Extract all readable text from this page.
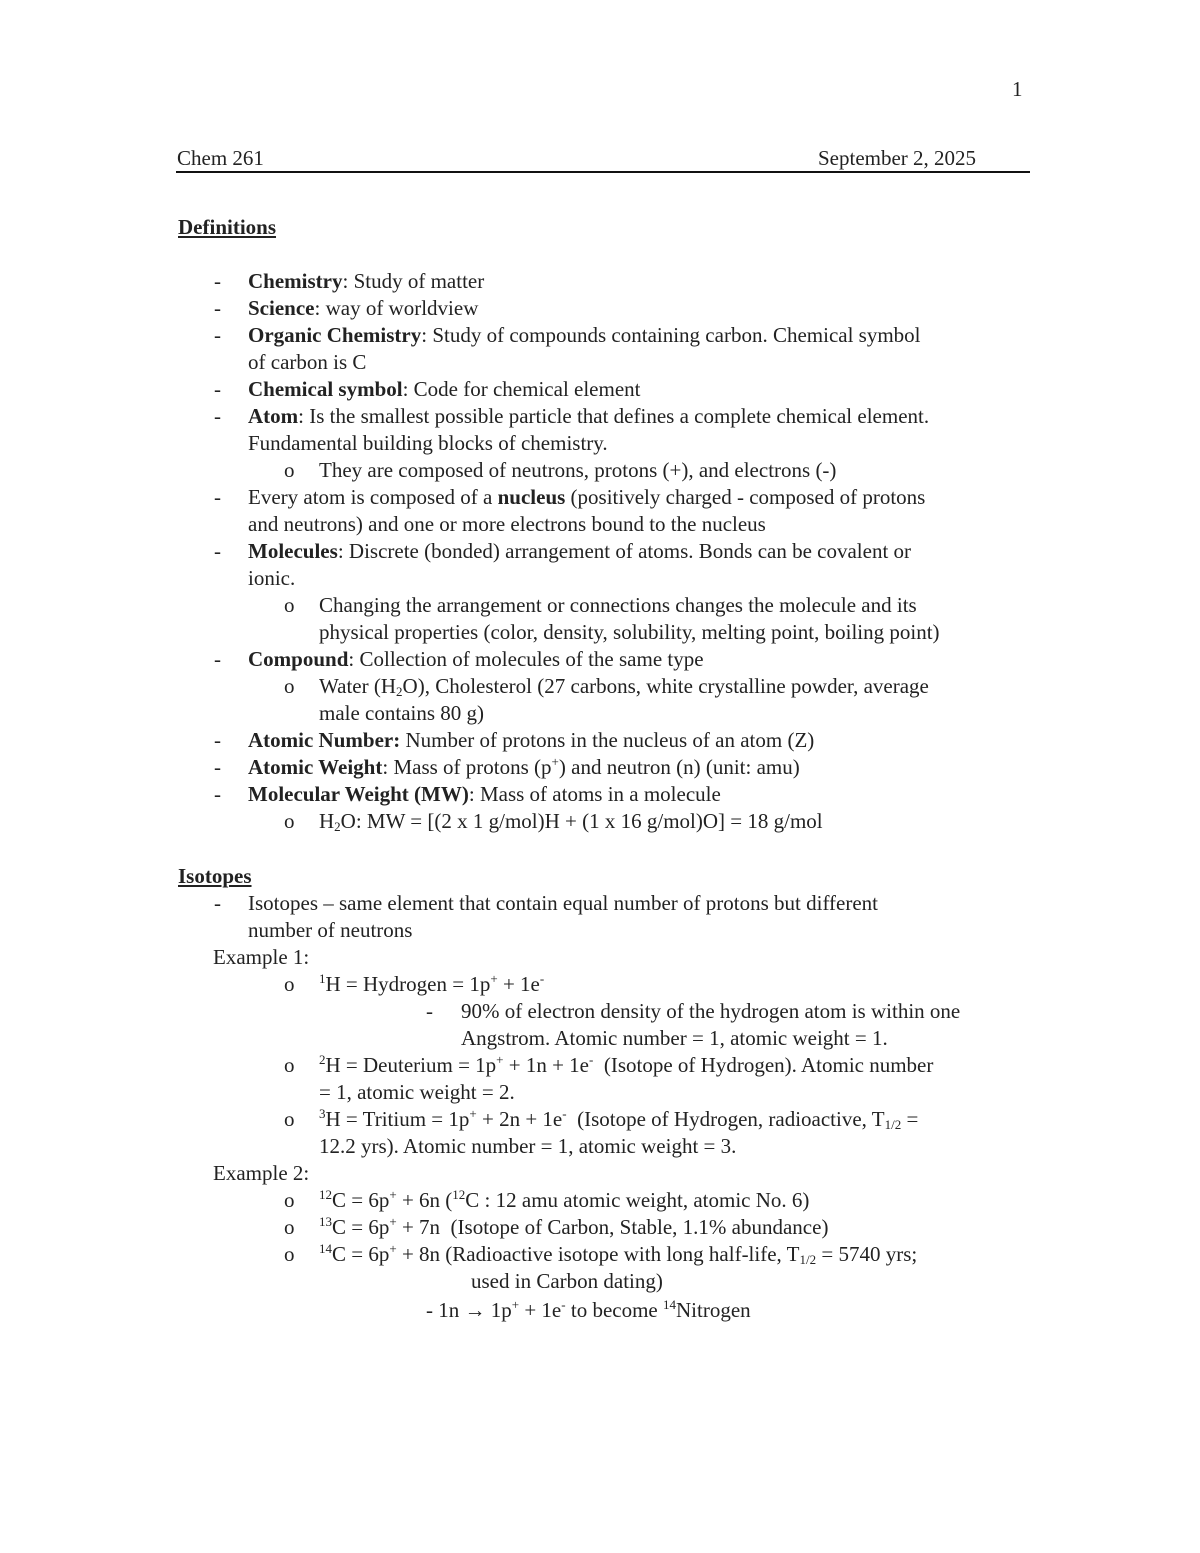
1
Chem 261	September 2, 2025
Definitions
- Chemistry: Study of matter
- Science: way of worldview
- Organic Chemistry: Study of compounds containing carbon. Chemical symbol
of carbon is C
- Chemical symbol: Code for chemical element
- Atom: Is the smallest possible particle that defines a complete chemical element.
Fundamental building blocks of chemistry.
o They are composed of neutrons, protons (+), and electrons (-)
- Every atom is composed of a nucleus (positively charged - composed of protons
and neutrons) and one or more electrons bound to the nucleus
- Molecules: Discrete (bonded) arrangement of atoms. Bonds can be covalent or
ionic.
o Changing the arrangement or connections changes the molecule and its
physical properties (color, density, solubility, melting point, boiling point)
- Compound: Collection of molecules of the same type
o Water $(H_2O)$, Cholesterol (27 carbons, white crystalline powder, average
male contains 80 g)
- Atomic Number: Number of protons in the nucleus of an atom (Z)
- Atomic Weight: Mass of protons (p+) and neutron (n) (unit: amu)
- Molecular Weight (MW): Mass of atoms in a molecule
o $H_2O$: MW = [(2 x 1 g/mol)H + (1 x 16 g/mol)O] = 18 g/mol
Isotopes
- Isotopes – same element that contain equal number of protons but different
number of neutrons
Example 1:
o $^1$H = Hydrogen = 1p+ + 1e-
- 90% of electron density of the hydrogen atom is within one
Angstrom. Atomic number = 1, atomic weight = 1.
o $^2$H = Deuterium = 1p+ + 1n + 1e-  (Isotope of Hydrogen). Atomic number
= 1, atomic weight = 2.
o $^3$H = Tritium = 1p+ + 2n + 1e-  (Isotope of Hydrogen, radioactive, $T_{1/2}$ =
12.2 yrs). Atomic number = 1, atomic weight = 3.
Example 2:
o $^{12}$C = 6p+ + 6n ($^{12}$C : 12 amu atomic weight, atomic No. 6)
o $^{13}$C = 6p+ + 7n  (Isotope of Carbon, Stable, 1.1% abundance)
o $^{14}$C = 6p+ + 8n (Radioactive isotope with long half-life, $T_{1/2} = 5740$ yrs;
used in Carbon dating)
- 1n → 1p+ + 1e- to become $^{14}$Nitrogen
